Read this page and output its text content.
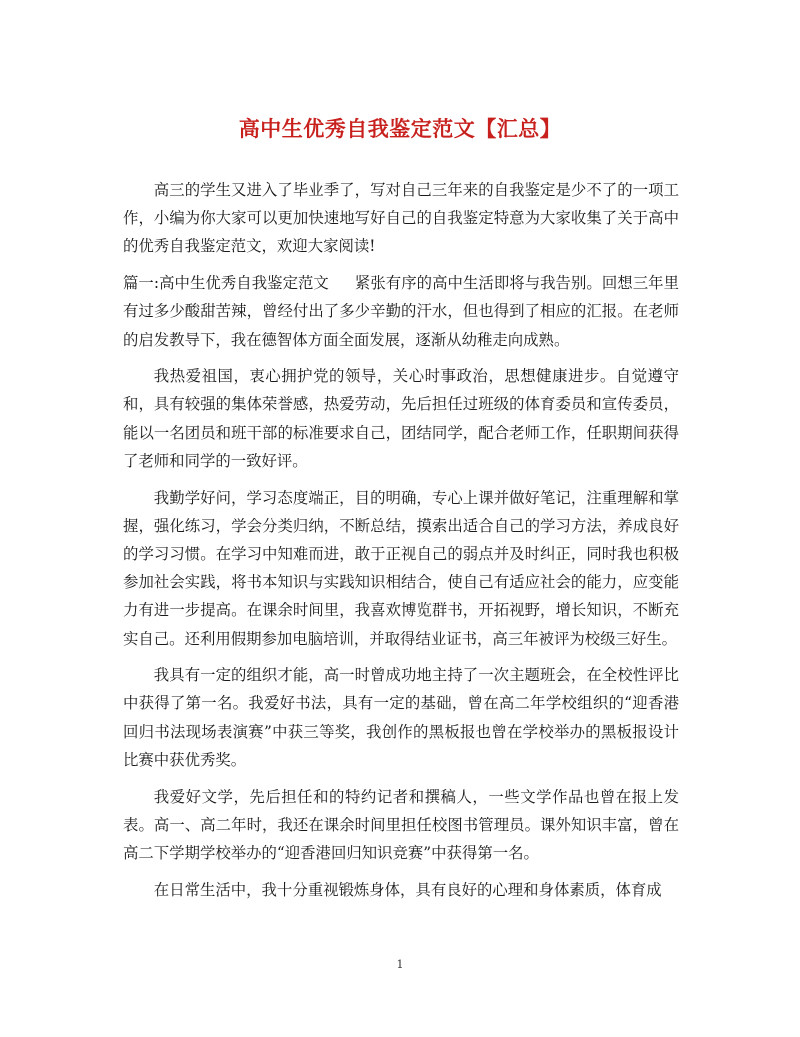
高中生优秀自我鉴定范文【汇总】

高三的学生又进入了毕业季了，写对自己三年来的自我鉴定是少不了的一项工作，小编为你大家可以更加快速地写好自己的自我鉴定特意为大家收集了关于高中的优秀自我鉴定范文，欢迎大家阅读!

篇一:高中生优秀自我鉴定范文 紧张有序的高中生活即将与我告别。回想三年里有过多少酸甜苦辣，曾经付出了多少辛勤的汗水，但也得到了相应的汇报。在老师的启发教导下，我在德智体方面全面发展，逐渐从幼稚走向成熟。

我热爱祖国，衷心拥护党的领导，关心时事政治，思想健康进步。自觉遵守和，具有较强的集体荣誉感，热爱劳动，先后担任过班级的体育委员和宣传委员，能以一名团员和班干部的标准要求自己，团结同学，配合老师工作，任职期间获得了老师和同学的一致好评。

我勤学好问，学习态度端正，目的明确，专心上课并做好笔记，注重理解和掌握，强化练习，学会分类归纳，不断总结，摸索出适合自己的学习方法，养成良好的学习习惯。在学习中知难而进，敢于正视自己的弱点并及时纠正，同时我也积极参加社会实践，将书本知识与实践知识相结合，使自己有适应社会的能力，应变能力有进一步提高。在课余时间里，我喜欢博览群书，开拓视野，增长知识，不断充实自己。还利用假期参加电脑培训，并取得结业证书，高三年被评为校级三好生。

我具有一定的组织才能，高一时曾成功地主持了一次主题班会，在全校性评比中获得了第一名。我爱好书法，具有一定的基础，曾在高二年学校组织的“迎香港回归书法现场表演赛”中获三等奖，我创作的黑板报也曾在学校举办的黑板报设计比赛中获优秀奖。

我爱好文学，先后担任和的特约记者和撰稿人，一些文学作品也曾在报上发表。高一、高二年时，我还在课余时间里担任校图书管理员。课外知识丰富，曾在高二下学期学校举办的“迎香港回归知识竞赛”中获得第一名。

在日常生活中，我十分重视锻炼身体，具有良好的心理和身体素质，体育成

1
